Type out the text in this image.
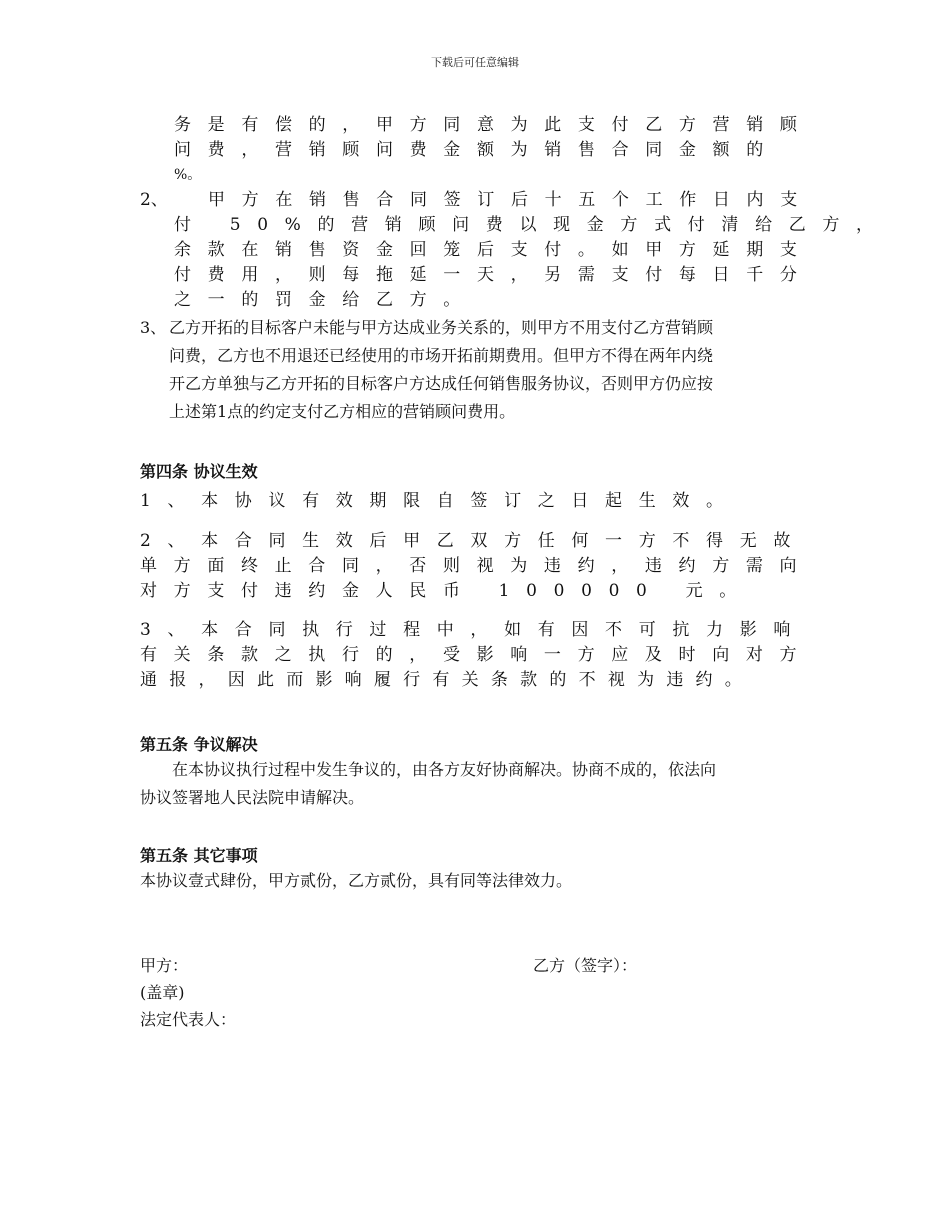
下载后可任意编辑
务是有偿的，甲方同意为此支付乙方营销顾
问费，营销顾问费金额为销售合同金额的
%。
2、 甲方在销售合同签订后十五个工作日内支
付 50%的营销顾问费以现金方式付清给乙方，
余款在销售资金回笼后支付。如甲方延期支
付费用，则每拖延一天，另需支付每日千分
之一的罚金给乙方。
3、 乙方开拓的目标客户未能与甲方达成业务关系的，则甲方不用支付乙方营销顾
问费，乙方也不用退还已经使用的市场开拓前期费用。但甲方不得在两年内绕
开乙方单独与乙方开拓的目标客户方达成任何销售服务协议，否则甲方仍应按
上述第1点的约定支付乙方相应的营销顾问费用。
第四条 协议生效
1、本协议有效期限自签订之日起生效。
2、本合同生效后甲乙双方任何一方不得无故
单方面终止合同，否则视为违约，违约方需向
对方支付违约金人民币 100000 元。
3、本合同执行过程中，如有因不可抗力影响
有关条款之执行的，受影响一方应及时向对方
通报，因此而影响履行有关条款的不视为违约。
第五条 争议解决
在本协议执行过程中发生争议的，由各方友好协商解决。协商不成的，依法向
协议签署地人民法院申请解决。
第五条 其它事项
本协议壹式肆份，甲方贰份，乙方贰份，具有同等法律效力。
甲方：	乙方（签字）：
(盖章)
法定代表人：
